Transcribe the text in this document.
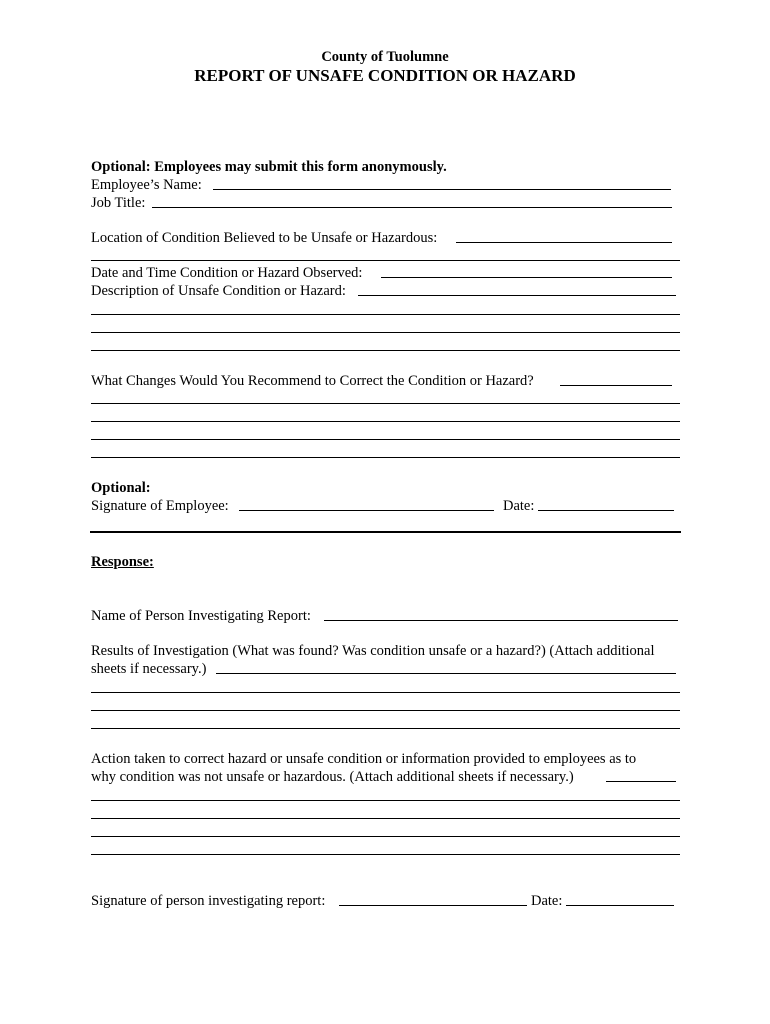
County of Tuolumne
REPORT OF UNSAFE CONDITION OR HAZARD
Optional: Employees may submit this form anonymously.
Employee’s Name:
Job Title:
Location of Condition Believed to be Unsafe or Hazardous:
Date and Time Condition or Hazard Observed:
Description of Unsafe Condition or Hazard:
What Changes Would You Recommend to Correct the Condition or Hazard?
Optional:
Signature of Employee:	Date:
Response:
Name of Person Investigating Report:
Results of Investigation (What was found? Was condition unsafe or a hazard?) (Attach additional
sheets if necessary.)
Action taken to correct hazard or unsafe condition or information provided to employees as to
why condition was not unsafe or hazardous. (Attach additional sheets if necessary.)
Signature of person investigating report:	Date:
